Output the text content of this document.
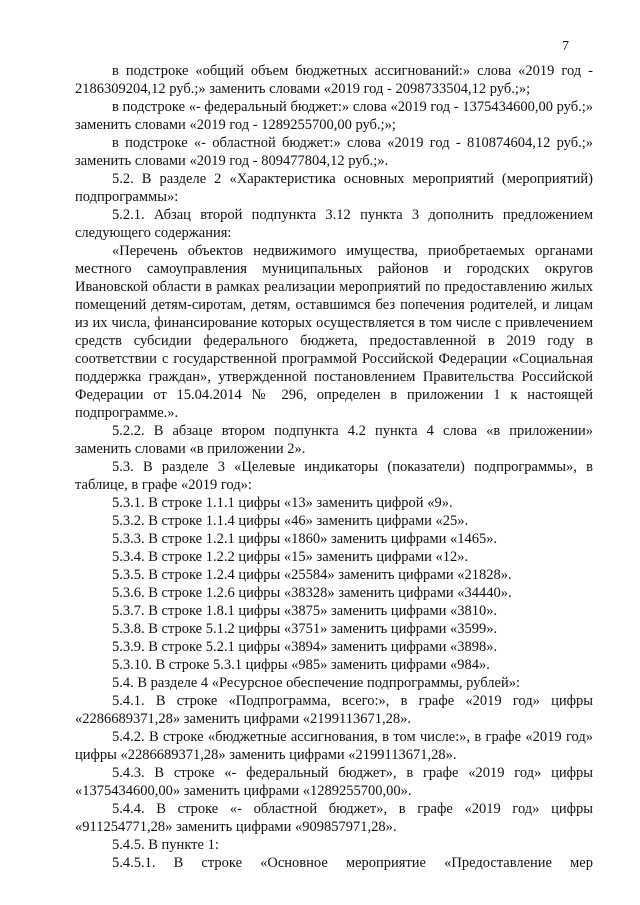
7

в подстроке «общий объем бюджетных ассигнований:» слова «2019 год - 2186309204,12 руб.;» заменить словами «2019 год - 2098733504,12 руб.;»;

в подстроке «- федеральный бюджет:» слова «2019 год - 1375434600,00 руб.;» заменить словами «2019 год - 1289255700,00 руб.;»;

в подстроке «- областной бюджет:» слова «2019 год - 810874604,12 руб.;» заменить словами «2019 год - 809477804,12 руб.;».

5.2. В разделе 2 «Характеристика основных мероприятий (мероприятий) подпрограммы»:

5.2.1. Абзац второй подпункта 3.12 пункта 3 дополнить предложением следующего содержания:

«Перечень объектов недвижимого имущества, приобретаемых органами местного самоуправления муниципальных районов и городских округов Ивановской области в рамках реализации мероприятий по предоставлению жилых помещений детям-сиротам, детям, оставшимся без попечения родителей, и лицам из их числа, финансирование которых осуществляется в том числе с привлечением средств субсидии федерального бюджета, предоставленной в 2019 году в соответствии с государственной программой Российской Федерации «Социальная поддержка граждан», утвержденной постановлением Правительства Российской Федерации от 15.04.2014 № 296, определен в приложении 1 к настоящей подпрограмме.».

5.2.2. В абзаце втором подпункта 4.2 пункта 4 слова «в приложении» заменить словами «в приложении 2».

5.3. В разделе 3 «Целевые индикаторы (показатели) подпрограммы», в таблице, в графе «2019 год»:

5.3.1. В строке 1.1.1 цифры «13» заменить цифрой «9».

5.3.2. В строке 1.1.4 цифры «46» заменить цифрами «25».

5.3.3. В строке 1.2.1 цифры «1860» заменить цифрами «1465».

5.3.4. В строке 1.2.2 цифры «15» заменить цифрами «12».

5.3.5. В строке 1.2.4 цифры «25584» заменить цифрами «21828».

5.3.6. В строке 1.2.6 цифры «38328» заменить цифрами «34440».

5.3.7. В строке 1.8.1 цифры «3875» заменить цифрами «3810».

5.3.8. В строке 5.1.2 цифры «3751» заменить цифрами «3599».

5.3.9. В строке 5.2.1 цифры «3894» заменить цифрами «3898».

5.3.10. В строке 5.3.1 цифры «985» заменить цифрами «984».

5.4. В разделе 4 «Ресурсное обеспечение подпрограммы, рублей»:

5.4.1. В строке «Подпрограмма, всего:», в графе «2019 год» цифры «2286689371,28» заменить цифрами «2199113671,28».

5.4.2. В строке «бюджетные ассигнования, в том числе:», в графе «2019 год» цифры «2286689371,28» заменить цифрами «2199113671,28».

5.4.3. В строке «- федеральный бюджет», в графе «2019 год» цифры «1375434600,00» заменить цифрами «1289255700,00».

5.4.4. В строке «- областной бюджет», в графе «2019 год» цифры «911254771,28» заменить цифрами «909857971,28».

5.4.5. В пункте 1:

5.4.5.1. В строке «Основное мероприятие «Предоставление мер
